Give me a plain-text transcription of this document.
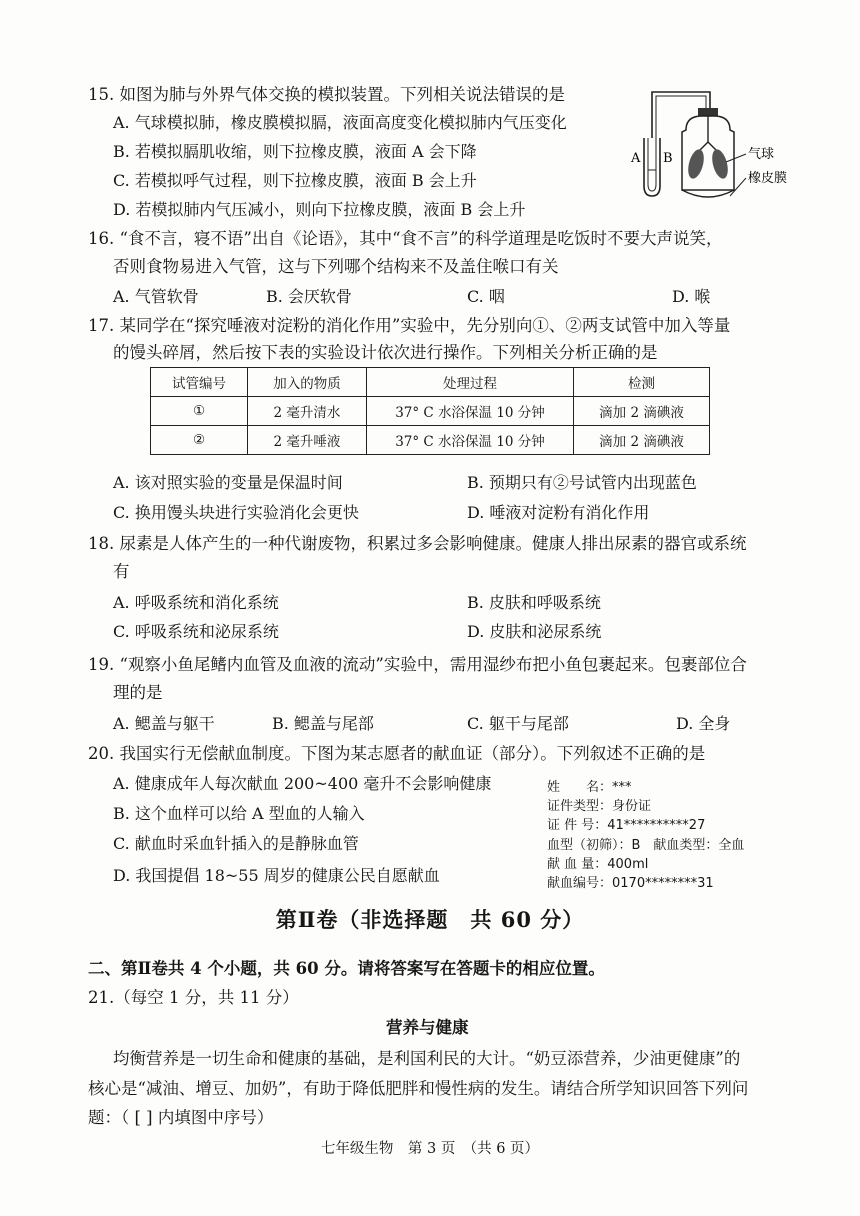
15. 如图为肺与外界气体交换的模拟装置。下列相关说法错误的是
A. 气球模拟肺，橡皮膜模拟膈，液面高度变化模拟肺内气压变化
B. 若模拟膈肌收缩，则下拉橡皮膜，液面 A 会下降
C. 若模拟呼气过程，则下拉橡皮膜，液面 B 会上升
D. 若模拟肺内气压减小，则向下拉橡皮膜，液面 B 会上升
A B	气球
橡皮膜
16. “食不言，寝不语”出自《论语》，其中“食不言”的科学道理是吃饭时不要大声说笑，
否则食物易进入气管，这与下列哪个结构来不及盖住喉口有关
A. 气管软骨	B. 会厌软骨	C. 咽	D. 喉
17. 某同学在“探究唾液对淀粉的消化作用”实验中，先分别向①、②两支试管中加入等量
的馒头碎屑，然后按下表的实验设计依次进行操作。下列相关分析正确的是
试管编号	加入的物质	处理过程	检测
①	2 毫升清水	37° C 水浴保温 10 分钟	滴加 2 滴碘液
②	2 毫升唾液	37° C 水浴保温 10 分钟	滴加 2 滴碘液
A. 该对照实验的变量是保温时间	B. 预期只有②号试管内出现蓝色
C. 换用馒头块进行实验消化会更快	D. 唾液对淀粉有消化作用
18. 尿素是人体产生的一种代谢废物，积累过多会影响健康。健康人排出尿素的器官或系统
有
A. 呼吸系统和消化系统	B. 皮肤和呼吸系统
C. 呼吸系统和泌尿系统	D. 皮肤和泌尿系统
19. “观察小鱼尾鳍内血管及血液的流动”实验中，需用湿纱布把小鱼包裹起来。包裹部位合
理的是
A. 鳃盖与躯干	B. 鳃盖与尾部	C. 躯干与尾部	D. 全身
20. 我国实行无偿献血制度。下图为某志愿者的献血证（部分）。下列叙述不正确的是
A. 健康成年人每次献血 200~400 毫升不会影响健康
B. 这个血样可以给 A 型血的人输入
C. 献血时采血针插入的是静脉血管
D. 我国提倡 18~55 周岁的健康公民自愿献血
姓　　名：***
证件类型：身份证
证 件 号：41**********27
血型（初筛）：B　献血类型：全血
献 血 量：400ml
献血编号：0170********31
第Ⅱ卷（非选择题　共 60 分）
二、第Ⅱ卷共 4 个小题，共 60 分。请将答案写在答题卡的相应位置。
21.（每空 1 分，共 11 分）
营养与健康
均衡营养是一切生命和健康的基础，是利国利民的大计。“奶豆添营养，少油更健康”的
核心是“减油、增豆、加奶”，有助于降低肥胖和慢性病的发生。请结合所学知识回答下列问
题：（ [ ] 内填图中序号）
七年级生物　第 3 页　（共 6 页）
